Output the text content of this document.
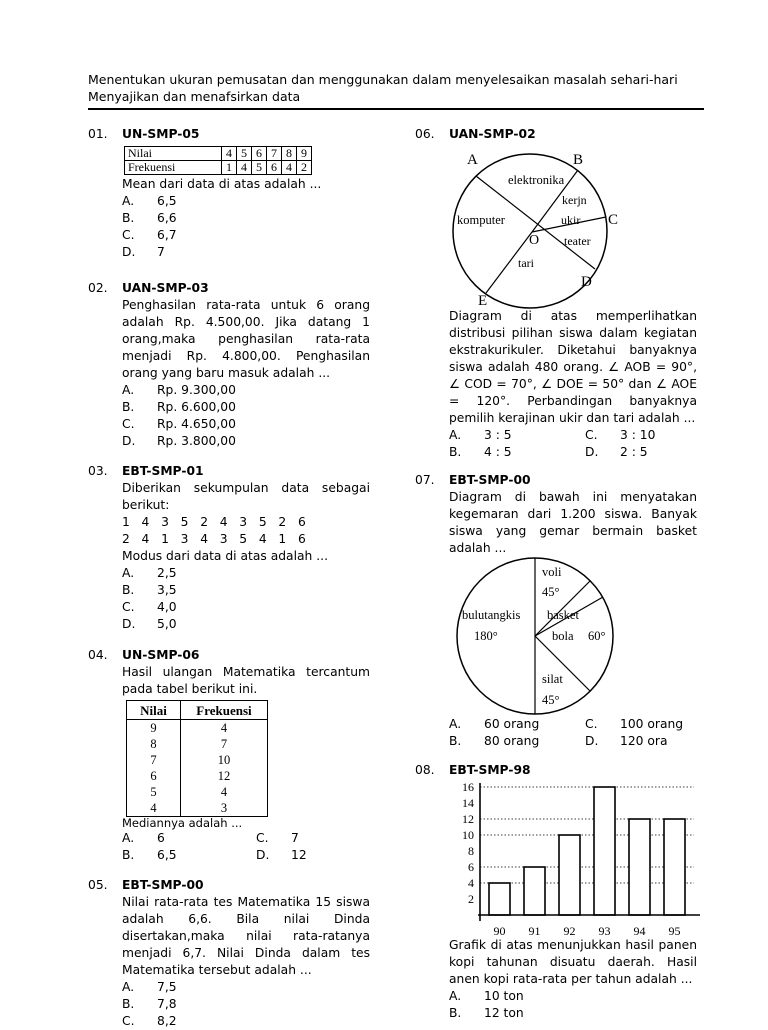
Menentukan ukuran pemusatan dan menggunakan dalam menyelesaikan masalah sehari-hari
Menyajikan dan menafsirkan data
01. UN-SMP-05
Nilai	4	5	6	7	8	9
Frekuensi	1	4	5	6	4	2
Mean dari data di atas adalah ...
A.	6,5
B.	6,6
C.	6,7
D.	7
02. UAN-SMP-03
Penghasilan rata-rata untuk 6 orang adalah Rp. 4.500,00. Jika datang 1 orang,maka penghasilan rata-rata menjadi Rp. 4.800,00. Penghasilan orang yang baru masuk adalah ...
A.	Rp. 9.300,00
B.	Rp. 6.600,00
C.	Rp. 4.650,00
D.	Rp. 3.800,00
03. EBT-SMP-01
Diberikan sekumpulan data sebagai berikut:
1   4   3   5   2   4   3   5   2   6
2   4   1   3   4   3   5   4   1   6
Modus dari data di atas adalah ...
A.	2,5
B.	3,5
C.	4,0
D.	5,0
04. UN-SMP-06
Hasil ulangan Matematika tercantum pada tabel berikut ini.
Nilai	Frekuensi
9	4
8	7
7	10
6	12
5	4
4	3
Mediannya adalah ...
A.	6	C.	7
B.	6,5	D.	12
05. EBT-SMP-00
Nilai rata-rata tes Matematika 15 siswa adalah 6,6. Bila nilai Dinda disertakan,maka nilai rata-ratanya menjadi 6,7. Nilai Dinda dalam tes Matematika tersebut adalah ...
A.	7,5
B.	7,8
C.	8,2
06. UAN-SMP-02
A	B
C
D
E
O
elektronika
kerjn
ukir
komputer
teater
tari
Diagram di atas memperlihatkan distribusi pilihan siswa dalam kegiatan ekstrakurikuler. Diketahui banyaknya siswa adalah 480 orang. ∠ AOB = 90°, ∠ COD = 70°, ∠ DOE = 50° dan ∠ AOE = 120°. Perbandingan banyaknya pemilih kerajinan ukir dan tari adalah ...
A.	3 : 5	C.	3 : 10
B.	4 : 5	D.	2 : 5
07. EBT-SMP-00
Diagram di bawah ini menyatakan kegemaran dari 1.200 siswa. Banyak siswa yang gemar bermain basket adalah ...
voli
45°
basket
bola 60°
bulutangkis
180°
silat
45°
A.	60 orang	C.	100 orang
B.	80 orang	D.	120 ora
08. EBT-SMP-98
2
4
6
8
10
12
14
16
90 91 92 93 94 95
Grafik di atas menunjukkan hasil panen kopi tahunan disuatu daerah. Hasil anen kopi rata-rata per tahun adalah ...
A.	10 ton
B.	12 ton
